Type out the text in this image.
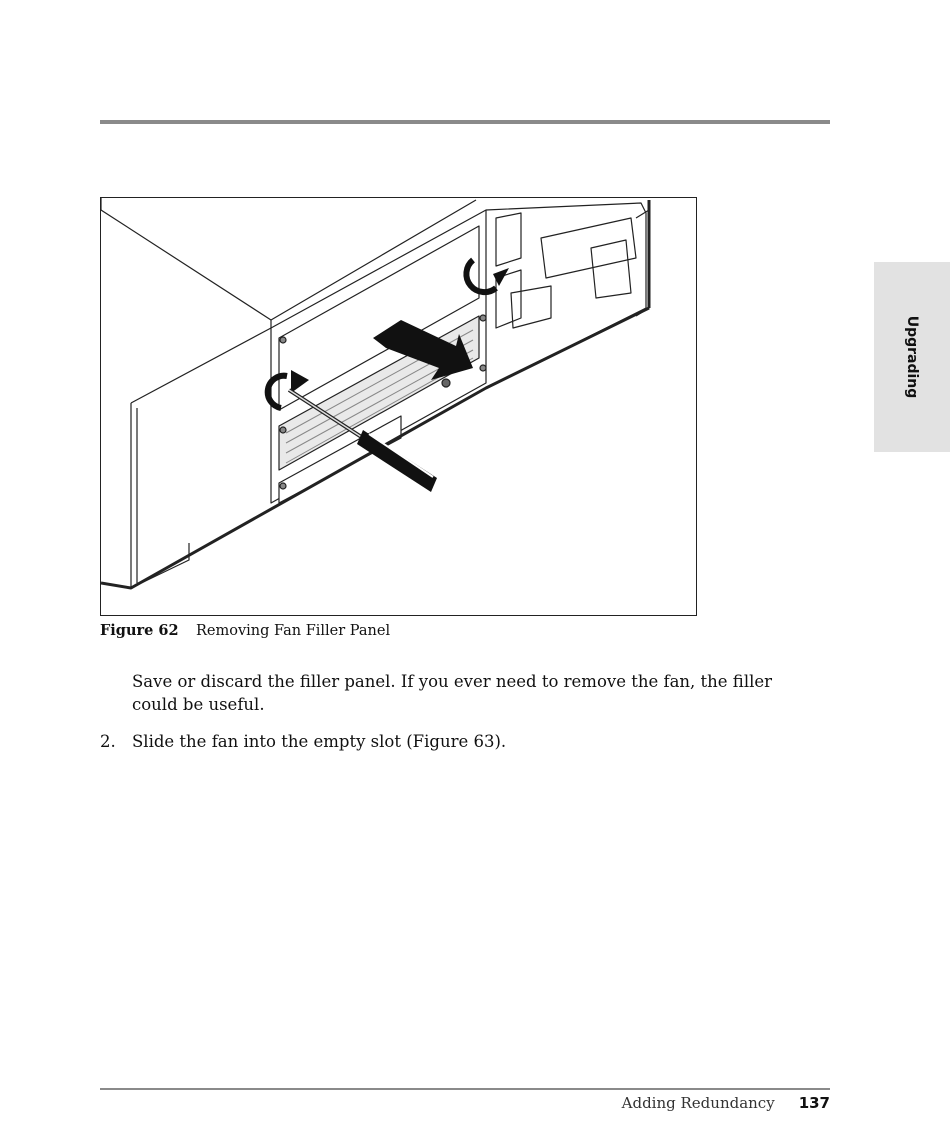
Upgrading
Figure 62 Removing Fan Filler Panel
Save or discard the filler panel. If you ever need to remove the fan, the filler could be useful.
2. Slide the fan into the empty slot (Figure 63).
Adding Redundancy 137
